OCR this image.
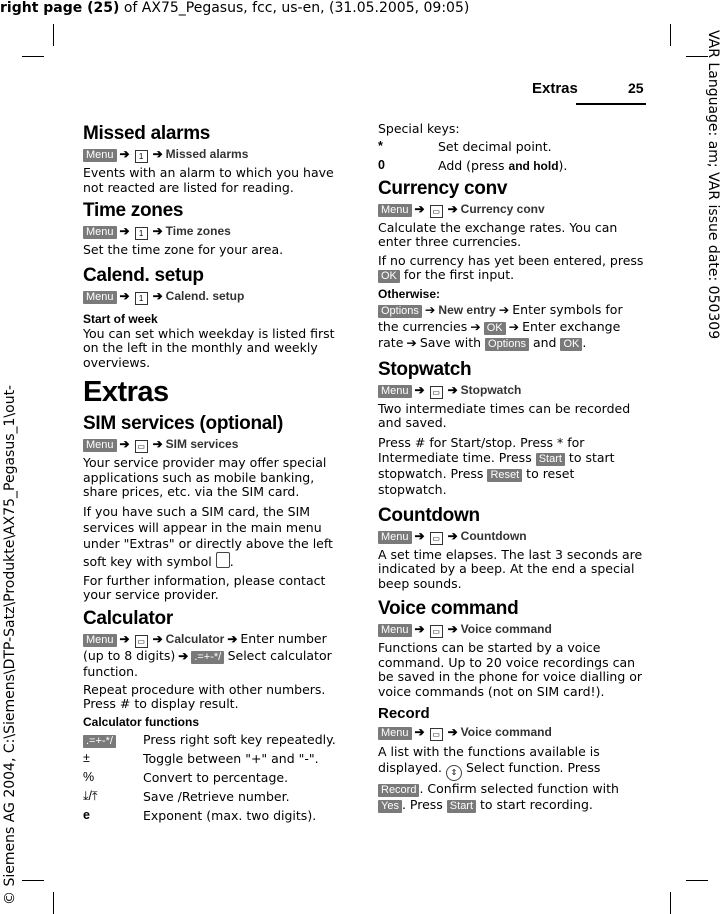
right page (25) of AX75_Pegasus, fcc, us-en, (31.05.2005, 09:05)
VAR Language: am; VAR issue date: 050309
© Siemens AG 2004, C:\Siemens\DTP-Satz\Produkte\AX75_Pegasus_1\out-
Extras	25
Missed alarms
Menu ➔ 1 ➔ Missed alarms

Events with an alarm to which you have not reacted are listed for reading.

Time zones
Menu ➔ 1 ➔ Time zones

Set the time zone for your area.

Calend. setup
Menu ➔ 1 ➔ Calend. setup
Start of week

You can set which weekday is listed first on the left in the monthly and weekly overviews.

Extras
SIM services (optional)
Menu ➔ ▭ ➔ SIM services

Your service provider may offer special applications such as mobile banking, share prices, etc. via the SIM card.

If you have such a SIM card, the SIM services will appear in the main menu under "Extras" or directly above the left soft key with symbol .

For further information, please contact your service provider.

Calculator
Menu ➔ ▭ ➔ Calculator ➔ Enter number (up to 8 digits) ➔ .=+-*/ Select calculator function.

Repeat procedure with other numbers. Press # to display result.

Calculator functions
.=+-*/	Press right soft key repeatedly.
±	Toggle between "+" and "-".
%	Convert to percentage.
⤓/⤒	Save /Retrieve number.
e	Exponent (max. two digits).

Special keys:

*	Set decimal point.
0	Add (press and hold).
Currency conv
Menu ➔ ▭ ➔ Currency conv

Calculate the exchange rates. You can enter three currencies.

If no currency has yet been entered, press OK for the first input.

Otherwise:

Options ➔ New entry ➔ Enter symbols for the currencies ➔ OK ➔ Enter exchange rate ➔ Save with Options and OK .

Stopwatch
Menu ➔ ▭ ➔ Stopwatch

Two intermediate times can be recorded and saved.

Press # for Start/stop. Press * for Intermediate time. Press Start to start stopwatch. Press Reset to reset stopwatch.

Countdown
Menu ➔ ▭ ➔ Countdown

A set time elapses. The last 3 seconds are indicated by a beep. At the end a special beep sounds.

Voice command
Menu ➔ ▭ ➔ Voice command

Functions can be started by a voice command. Up to 20 voice recordings can be saved in the phone for voice dialling or voice commands (not on SIM card!).

Record
Menu ➔ ▭ ➔ Voice command

A list with the functions available is displayed. ⇕ Select function. Press Record . Confirm selected function with Yes . Press Start to start recording.
